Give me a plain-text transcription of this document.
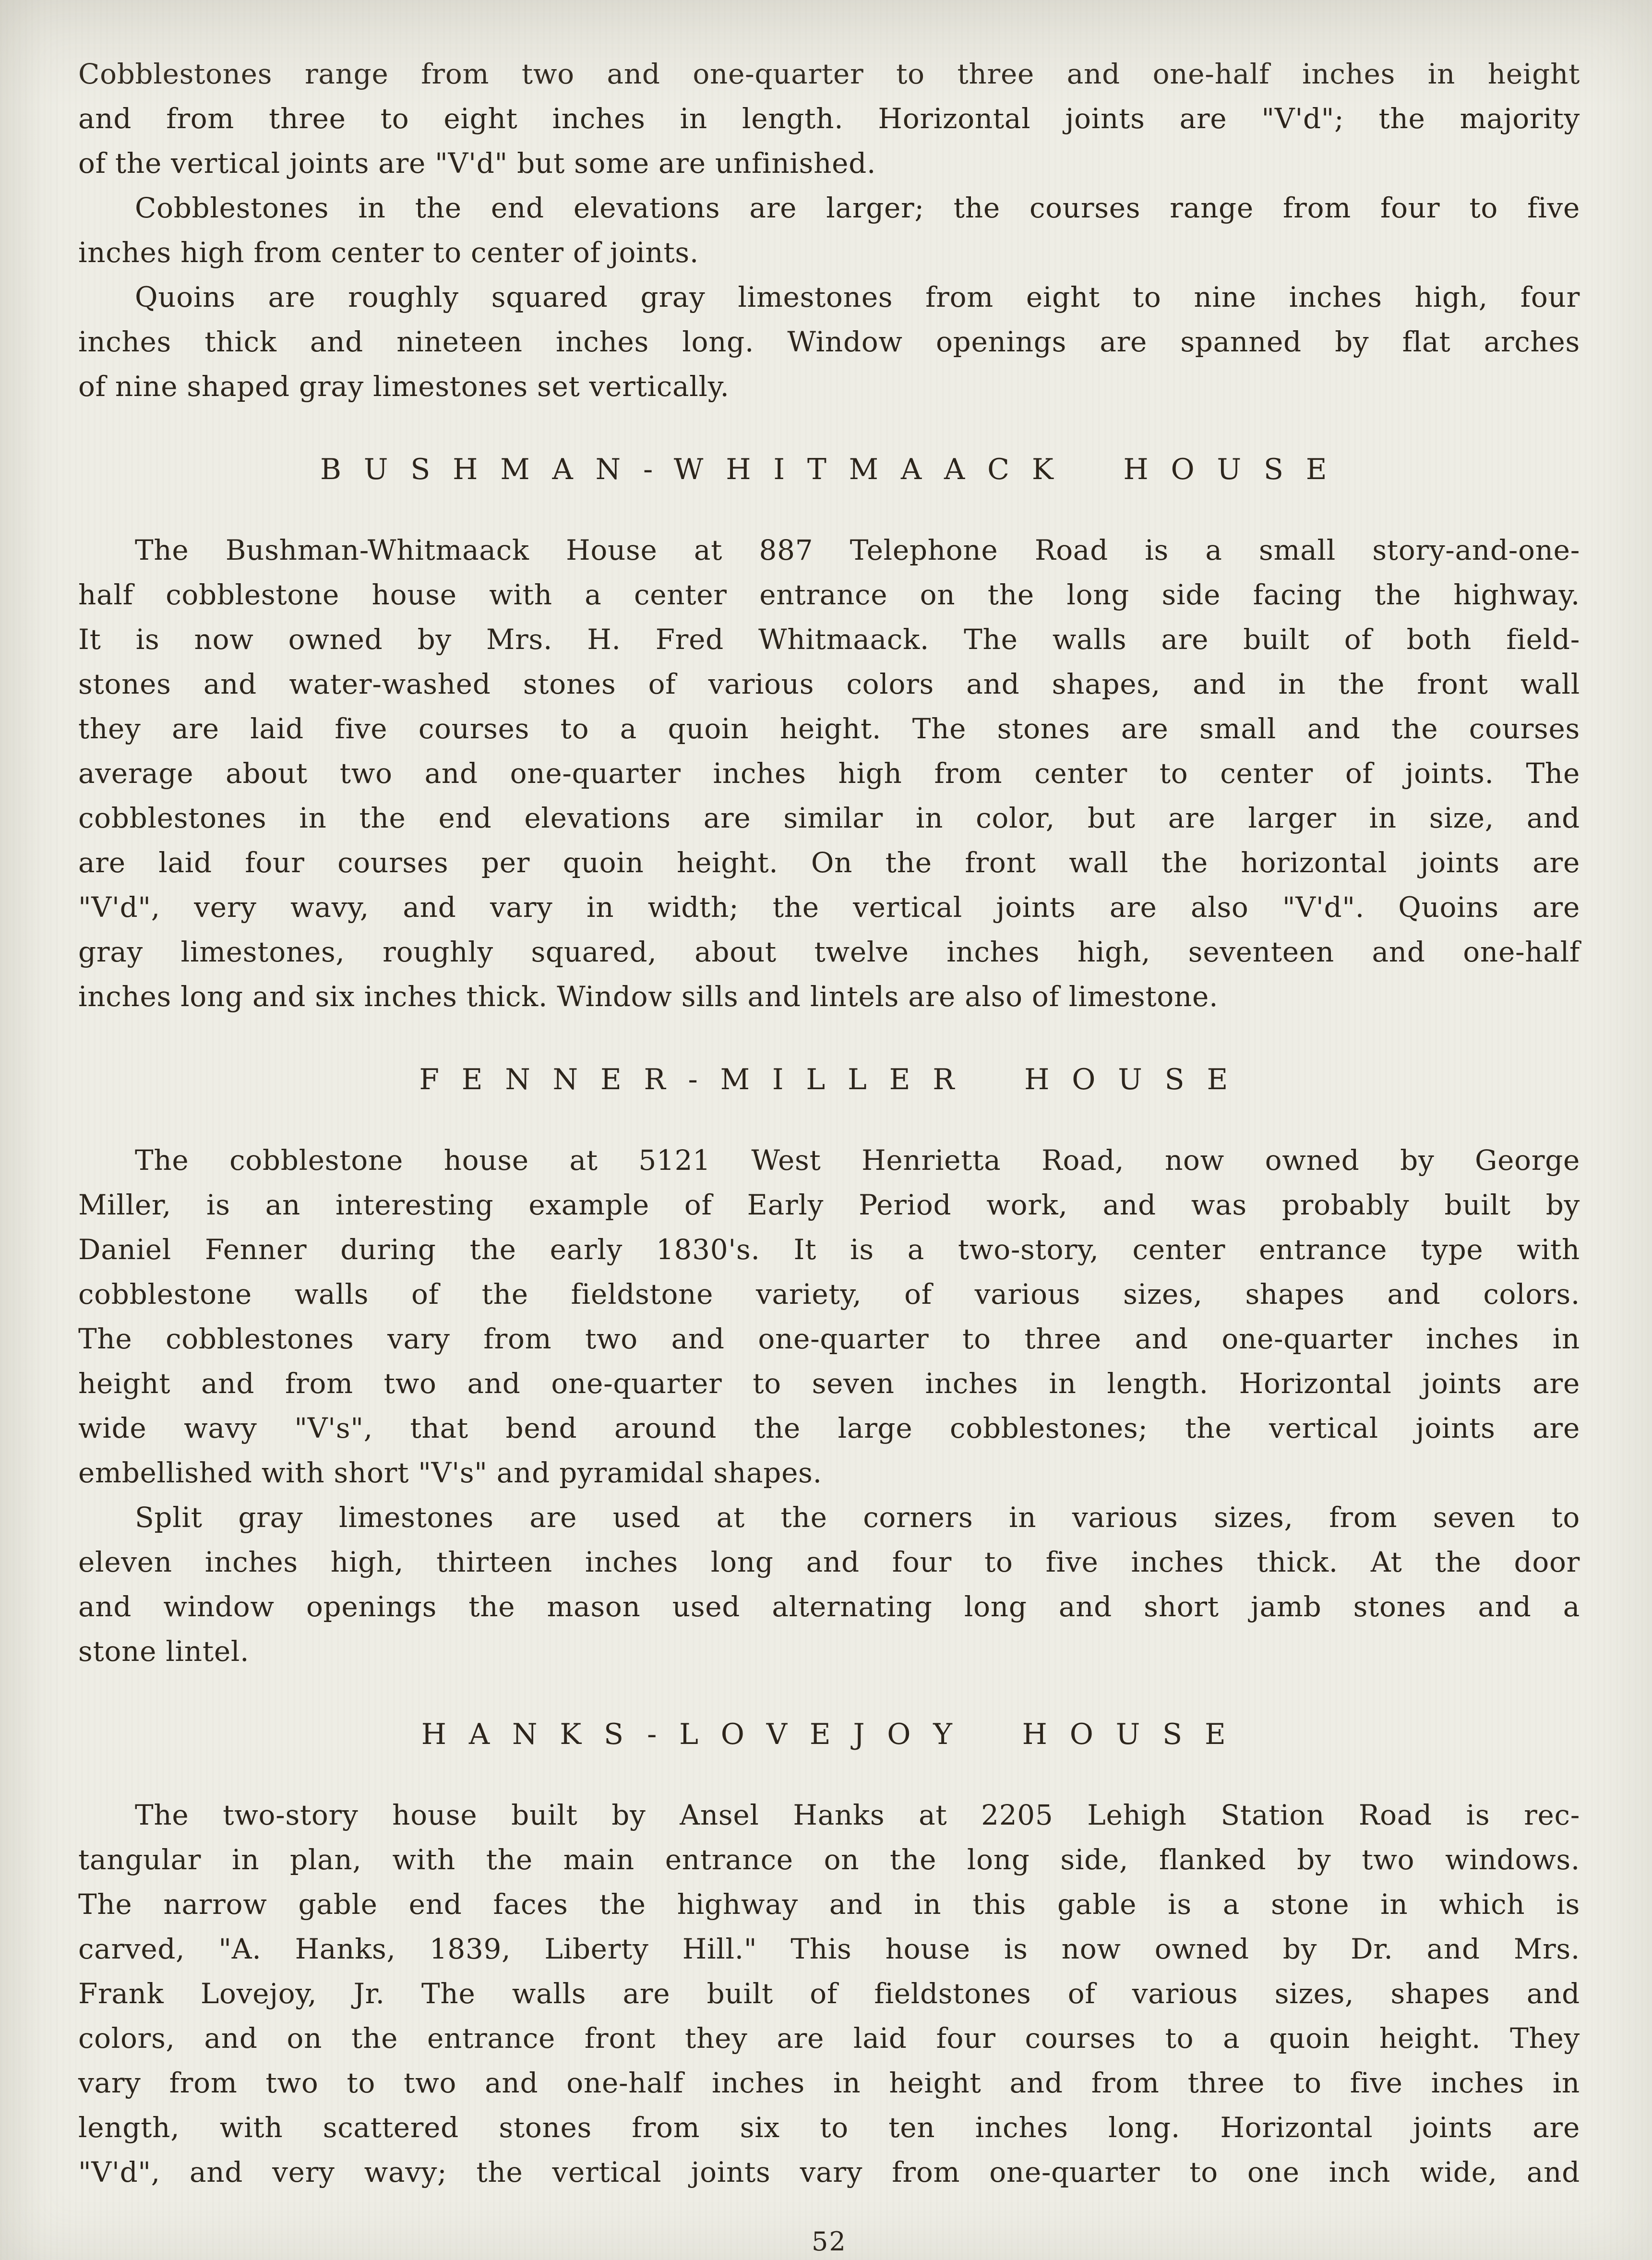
Cobblestones range from two and one-quarter to three and one-half inches in height
and from three to eight inches in length. Horizontal joints are "V'd"; the majority
of the vertical joints are "V'd" but some are unfinished.
Cobblestones in the end elevations are larger; the courses range from four to five
inches high from center to center of joints.
Quoins are roughly squared gray limestones from eight to nine inches high, four
inches thick and nineteen inches long. Window openings are spanned by flat arches
of nine shaped gray limestones set vertically.
BUSHMAN-WHITMAACK HOUSE
The Bushman-Whitmaack House at 887 Telephone Road is a small story-and-one-
half cobblestone house with a center entrance on the long side facing the highway.
It is now owned by Mrs. H. Fred Whitmaack. The walls are built of both field-
stones and water-washed stones of various colors and shapes, and in the front wall
they are laid five courses to a quoin height. The stones are small and the courses
average about two and one-quarter inches high from center to center of joints. The
cobblestones in the end elevations are similar in color, but are larger in size, and
are laid four courses per quoin height. On the front wall the horizontal joints are
"V'd", very wavy, and vary in width; the vertical joints are also "V'd". Quoins are
gray limestones, roughly squared, about twelve inches high, seventeen and one-half
inches long and six inches thick. Window sills and lintels are also of limestone.
FENNER-MILLER HOUSE
The cobblestone house at 5121 West Henrietta Road, now owned by George
Miller, is an interesting example of Early Period work, and was probably built by
Daniel Fenner during the early 1830's. It is a two-story, center entrance type with
cobblestone walls of the fieldstone variety, of various sizes, shapes and colors.
The cobblestones vary from two and one-quarter to three and one-quarter inches in
height and from two and one-quarter to seven inches in length. Horizontal joints are
wide wavy "V's", that bend around the large cobblestones; the vertical joints are
embellished with short "V's" and pyramidal shapes.
Split gray limestones are used at the corners in various sizes, from seven to
eleven inches high, thirteen inches long and four to five inches thick. At the door
and window openings the mason used alternating long and short jamb stones and a
stone lintel.
HANKS-LOVEJOY HOUSE
The two-story house built by Ansel Hanks at 2205 Lehigh Station Road is rec-
tangular in plan, with the main entrance on the long side, flanked by two windows.
The narrow gable end faces the highway and in this gable is a stone in which is
carved, "A. Hanks, 1839, Liberty Hill." This house is now owned by Dr. and Mrs.
Frank Lovejoy, Jr. The walls are built of fieldstones of various sizes, shapes and
colors, and on the entrance front they are laid four courses to a quoin height. They
vary from two to two and one-half inches in height and from three to five inches in
length, with scattered stones from six to ten inches long. Horizontal joints are
"V'd", and very wavy; the vertical joints vary from one-quarter to one inch wide, and
52
